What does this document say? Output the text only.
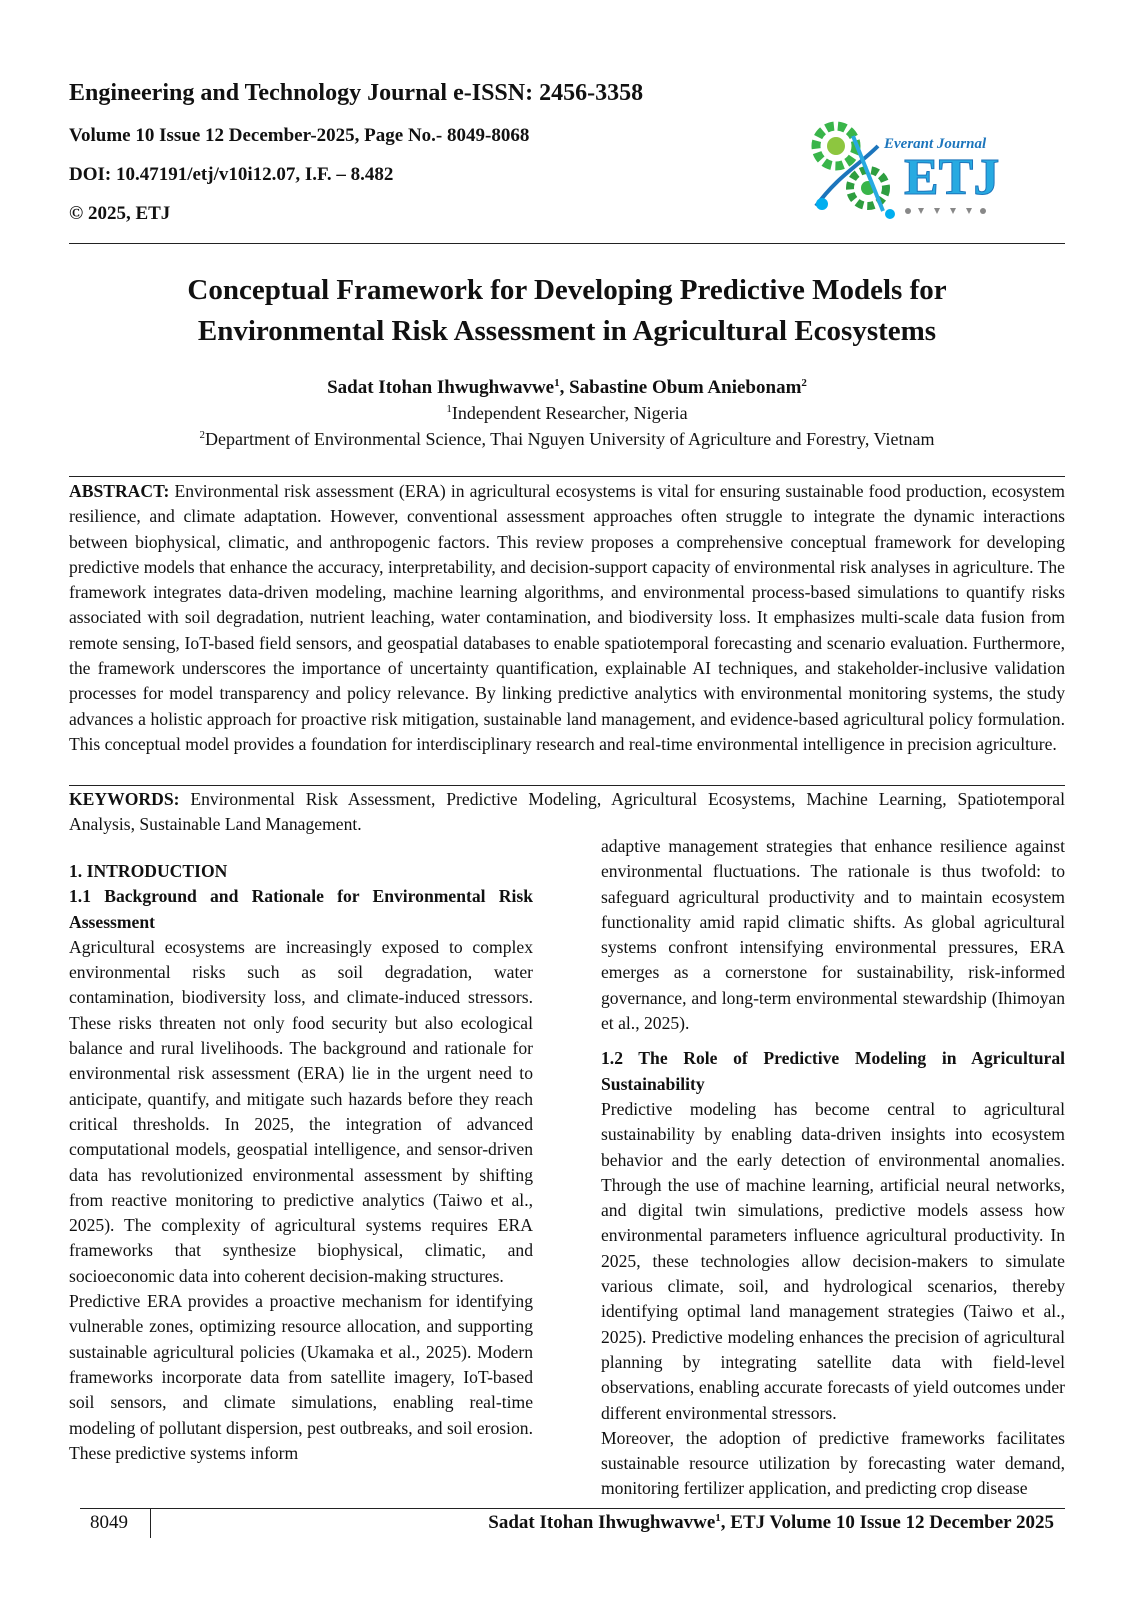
Engineering and Technology Journal e-ISSN: 2456-3358
Volume 10 Issue 12 December-2025, Page No.- 8049-8068
DOI: 10.47191/etj/v10i12.07, I.F. – 8.482
© 2025, ETJ
Everant Journal
ETJ
Conceptual Framework for Developing Predictive Models for
Environmental Risk Assessment in Agricultural Ecosystems
Sadat Itohan Ihwughwavwe$^1$, Sabastine Obum Aniebonam$^2$
$^1$Independent Researcher, Nigeria
$^2$Department of Environmental Science, Thai Nguyen University of Agriculture and Forestry, Vietnam

ABSTRACT: Environmental risk assessment (ERA) in agricultural ecosystems is vital for ensuring sustainable food production, ecosystem resilience, and climate adaptation. However, conventional assessment approaches often struggle to integrate the dynamic interactions between biophysical, climatic, and anthropogenic factors. This review proposes a comprehensive conceptual framework for developing predictive models that enhance the accuracy, interpretability, and decision-support capacity of environmental risk analyses in agriculture. The framework integrates data-driven modeling, machine learning algorithms, and environmental process-based simulations to quantify risks associated with soil degradation, nutrient leaching, water contamination, and biodiversity loss. It emphasizes multi-scale data fusion from remote sensing, IoT-based field sensors, and geospatial databases to enable spatiotemporal forecasting and scenario evaluation. Furthermore, the framework underscores the importance of uncertainty quantification, explainable AI techniques, and stakeholder-inclusive validation processes for model transparency and policy relevance. By linking predictive analytics with environmental monitoring systems, the study advances a holistic approach for proactive risk mitigation, sustainable land management, and evidence-based agricultural policy formulation. This conceptual model provides a foundation for interdisciplinary research and real-time environmental intelligence in precision agriculture.

KEYWORDS: Environmental Risk Assessment, Predictive Modeling, Agricultural Ecosystems, Machine Learning, Spatiotemporal Analysis, Sustainable Land Management.

1. INTRODUCTION

1.1 Background and Rationale for Environmental Risk Assessment

Agricultural ecosystems are increasingly exposed to complex environmental risks such as soil degradation, water contamination, biodiversity loss, and climate-induced stressors. These risks threaten not only food security but also ecological balance and rural livelihoods. The background and rationale for environmental risk assessment (ERA) lie in the urgent need to anticipate, quantify, and mitigate such hazards before they reach critical thresholds. In 2025, the integration of advanced computational models, geospatial intelligence, and sensor-driven data has revolutionized environmental assessment by shifting from reactive monitoring to predictive analytics (Taiwo et al., 2025). The complexity of agricultural systems requires ERA frameworks that synthesize biophysical, climatic, and socioeconomic data into coherent decision-making structures.

Predictive ERA provides a proactive mechanism for identifying vulnerable zones, optimizing resource allocation, and supporting sustainable agricultural policies (Ukamaka et al., 2025). Modern frameworks incorporate data from satellite imagery, IoT-based soil sensors, and climate simulations, enabling real-time modeling of pollutant dispersion, pest outbreaks, and soil erosion. These predictive systems inform

adaptive management strategies that enhance resilience against environmental fluctuations. The rationale is thus twofold: to safeguard agricultural productivity and to maintain ecosystem functionality amid rapid climatic shifts. As global agricultural systems confront intensifying environmental pressures, ERA emerges as a cornerstone for sustainability, risk-informed governance, and long-term environmental stewardship (Ihimoyan et al., 2025).

1.2 The Role of Predictive Modeling in Agricultural Sustainability

Predictive modeling has become central to agricultural sustainability by enabling data-driven insights into ecosystem behavior and the early detection of environmental anomalies. Through the use of machine learning, artificial neural networks, and digital twin simulations, predictive models assess how environmental parameters influence agricultural productivity. In 2025, these technologies allow decision-makers to simulate various climate, soil, and hydrological scenarios, thereby identifying optimal land management strategies (Taiwo et al., 2025). Predictive modeling enhances the precision of agricultural planning by integrating satellite data with field-level observations, enabling accurate forecasts of yield outcomes under different environmental stressors.

Moreover, the adoption of predictive frameworks facilitates sustainable resource utilization by forecasting water demand, monitoring fertilizer application, and predicting crop disease

8049	Sadat Itohan Ihwughwavwe$^1$, ETJ Volume 10 Issue 12 December 2025
